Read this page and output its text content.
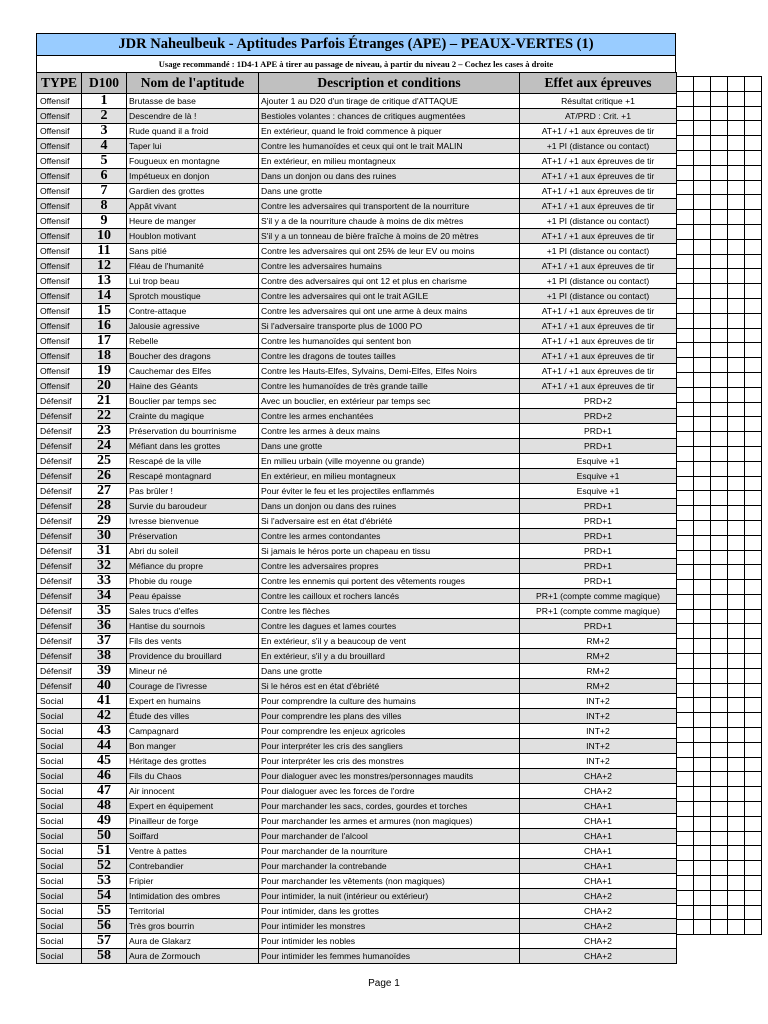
JDR Naheulbeuk - Aptitudes Parfois Étranges (APE) – PEAUX-VERTES (1)
Usage recommandé : 1D4-1 APE à tirer au passage de niveau, à partir du niveau 2 – Cochez les cases à droite
TYPE	D100	Nom de l'aptitude	Description et conditions	Effet aux épreuves
Offensif	1	Brutasse de base	Ajouter 1 au D20 d'un tirage de critique d'ATTAQUE	Résultat critique +1
Offensif	2	Descendre de là !	Bestioles volantes : chances de critiques augmentées	AT/PRD : Crit. +1
Offensif	3	Rude quand il a froid	En extérieur, quand le froid commence à piquer	AT+1 / +1 aux épreuves de tir
Offensif	4	Taper lui	Contre les humanoïdes et ceux qui ont le trait MALIN	+1 PI (distance ou contact)
Offensif	5	Fougueux en montagne	En extérieur, en milieu montagneux	AT+1 / +1 aux épreuves de tir
Offensif	6	Impétueux en donjon	Dans un donjon ou dans des ruines	AT+1 / +1 aux épreuves de tir
Offensif	7	Gardien des grottes	Dans une grotte	AT+1 / +1 aux épreuves de tir
Offensif	8	Appât vivant	Contre les adversaires qui transportent de la nourriture	AT+1 / +1 aux épreuves de tir
Offensif	9	Heure de manger	S'il y a de la nourriture chaude à moins de dix mètres	+1 PI (distance ou contact)
Offensif	10	Houblon motivant	S'il y a un tonneau de bière fraîche à moins de 20 mètres	AT+1 / +1 aux épreuves de tir
Offensif	11	Sans pitié	Contre les adversaires qui ont 25% de leur EV ou moins	+1 PI (distance ou contact)
Offensif	12	Fléau de l'humanité	Contre les adversaires humains	AT+1 / +1 aux épreuves de tir
Offensif	13	Lui trop beau	Contre des adversaires qui ont 12 et plus en charisme	+1 PI (distance ou contact)
Offensif	14	Sprotch moustique	Contre les adversaires qui ont le trait AGILE	+1 PI (distance ou contact)
Offensif	15	Contre-attaque	Contre les adversaires qui ont une arme à deux mains	AT+1 / +1 aux épreuves de tir
Offensif	16	Jalousie agressive	Si l'adversaire transporte plus de 1000 PO	AT+1 / +1 aux épreuves de tir
Offensif	17	Rebelle	Contre les humanoïdes qui sentent bon	AT+1 / +1 aux épreuves de tir
Offensif	18	Boucher des dragons	Contre les dragons de toutes tailles	AT+1 / +1 aux épreuves de tir
Offensif	19	Cauchemar des Elfes	Contre les Hauts-Elfes, Sylvains, Demi-Elfes, Elfes Noirs	AT+1 / +1 aux épreuves de tir
Offensif	20	Haine des Géants	Contre les humanoïdes de très grande taille	AT+1 / +1 aux épreuves de tir
Défensif	21	Bouclier par temps sec	Avec un bouclier, en extérieur par temps sec	PRD+2
Défensif	22	Crainte du magique	Contre les armes enchantées	PRD+2
Défensif	23	Préservation du bourrinisme	Contre les armes à deux mains	PRD+1
Défensif	24	Méfiant dans les grottes	Dans une grotte	PRD+1
Défensif	25	Rescapé de la ville	En milieu urbain (ville moyenne ou grande)	Esquive +1
Défensif	26	Rescapé montagnard	En extérieur, en milieu montagneux	Esquive +1
Défensif	27	Pas brûler !	Pour éviter le feu et les projectiles enflammés	Esquive +1
Défensif	28	Survie du baroudeur	Dans un donjon ou dans des ruines	PRD+1
Défensif	29	Ivresse bienvenue	Si l'adversaire est en état d'ébriété	PRD+1
Défensif	30	Préservation	Contre les armes contondantes	PRD+1
Défensif	31	Abri du soleil	Si jamais le héros porte un chapeau en tissu	PRD+1
Défensif	32	Méfiance du propre	Contre les adversaires propres	PRD+1
Défensif	33	Phobie du rouge	Contre les ennemis qui portent des vêtements rouges	PRD+1
Défensif	34	Peau épaisse	Contre les cailloux et rochers lancés	PR+1 (compte comme magique)
Défensif	35	Sales trucs d'elfes	Contre les flèches	PR+1 (compte comme magique)
Défensif	36	Hantise du sournois	Contre les dagues et lames courtes	PRD+1
Défensif	37	Fils des vents	En extérieur, s'il y a beaucoup de vent	RM+2
Défensif	38	Providence du brouillard	En extérieur, s'il y a du brouillard	RM+2
Défensif	39	Mineur né	Dans une grotte	RM+2
Défensif	40	Courage de l'ivresse	Si le héros est en état d'ébriété	RM+2
Social	41	Expert en humains	Pour comprendre la culture des humains	INT+2
Social	42	Étude des villes	Pour comprendre les plans des villes	INT+2
Social	43	Campagnard	Pour comprendre les enjeux agricoles	INT+2
Social	44	Bon manger	Pour interpréter les cris des sangliers	INT+2
Social	45	Héritage des grottes	Pour interpréter les cris des monstres	INT+2
Social	46	Fils du Chaos	Pour dialoguer avec les monstres/personnages maudits	CHA+2
Social	47	Air innocent	Pour dialoguer avec les forces de l'ordre	CHA+2
Social	48	Expert en équipement	Pour marchander les sacs, cordes, gourdes et torches	CHA+1
Social	49	Pinailleur de forge	Pour marchander les armes et armures (non magiques)	CHA+1
Social	50	Soiffard	Pour marchander de l'alcool	CHA+1
Social	51	Ventre à pattes	Pour marchander de la nourriture	CHA+1
Social	52	Contrebandier	Pour marchander la contrebande	CHA+1
Social	53	Fripier	Pour marchander les vêtements (non magiques)	CHA+1
Social	54	Intimidation des ombres	Pour intimider, la nuit (intérieur ou extérieur)	CHA+2
Social	55	Territorial	Pour intimider, dans les grottes	CHA+2
Social	56	Très gros bourrin	Pour intimider les monstres	CHA+2
Social	57	Aura de Glakarz	Pour intimider les nobles	CHA+2
Social	58	Aura de Zormouch	Pour intimider les femmes humanoïdes	CHA+2

Page 1
